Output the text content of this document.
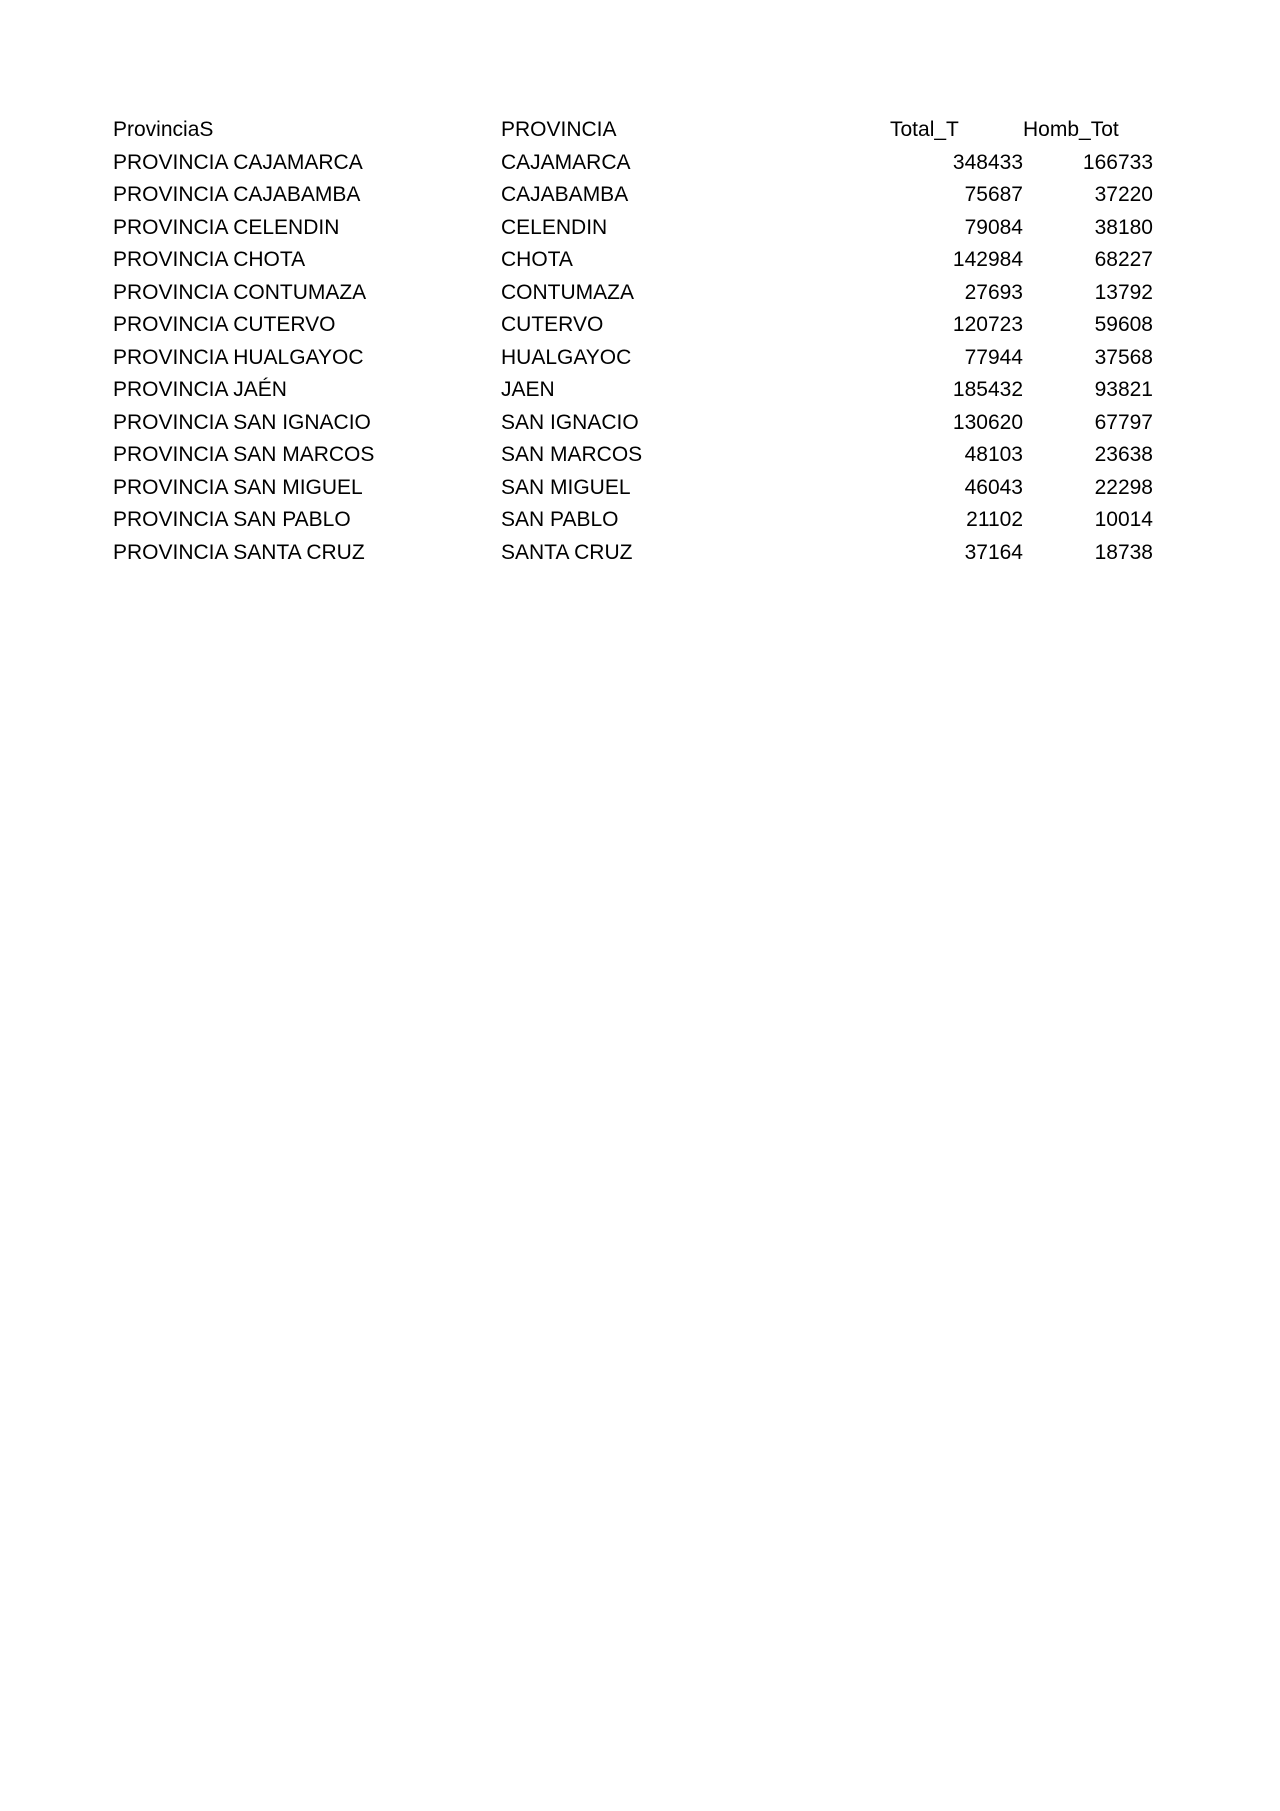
ProvinciaS	PROVINCIA	Total_T	Homb_Tot
PROVINCIA CAJAMARCA	CAJAMARCA	348433	166733
PROVINCIA CAJABAMBA	CAJABAMBA	75687	37220
PROVINCIA CELENDIN	CELENDIN	79084	38180
PROVINCIA CHOTA	CHOTA	142984	68227
PROVINCIA CONTUMAZA	CONTUMAZA	27693	13792
PROVINCIA CUTERVO	CUTERVO	120723	59608
PROVINCIA HUALGAYOC	HUALGAYOC	77944	37568
PROVINCIA JAÉN	JAEN	185432	93821
PROVINCIA SAN IGNACIO	SAN IGNACIO	130620	67797
PROVINCIA SAN MARCOS	SAN MARCOS	48103	23638
PROVINCIA SAN MIGUEL	SAN MIGUEL	46043	22298
PROVINCIA SAN PABLO	SAN PABLO	21102	10014
PROVINCIA SANTA CRUZ	SANTA CRUZ	37164	18738
